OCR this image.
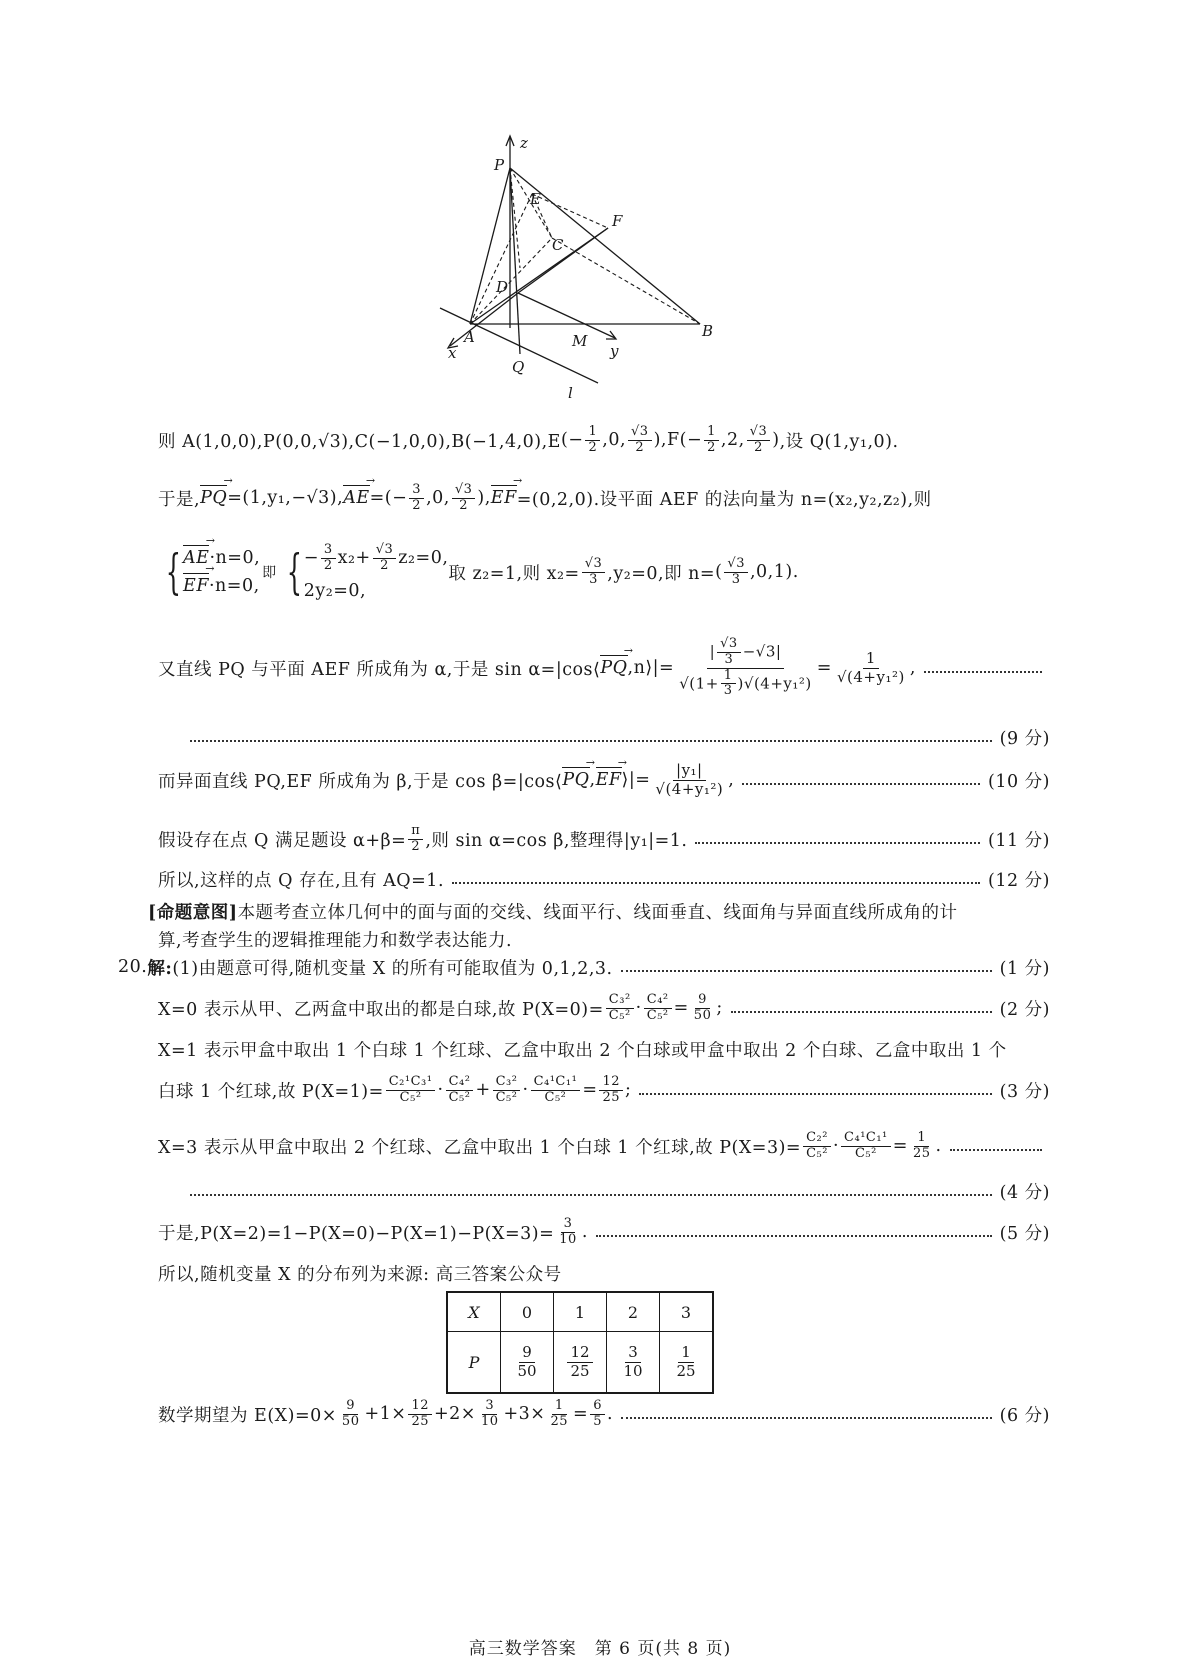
z
P
E
F
C
D
A
x
M
y
B
Q
l
则 A(1,0,0),P(0,0,√3),C(−1,0,0),B(−1,4,0),E (− $\frac{1}{2} ,0$, $\frac{√3}{2}$ ) ,F (− $\frac{1}{2} ,2$, $\frac{√3}{2}$ ) ,设 Q(1,y₁,0).
于是, PQ → =(1,y₁,−√3), AE → = (− $\frac{3}{2} ,0$, $\frac{√3}{2}$ ), EF → =(0,2,0).设平面 AEF 的法向量为 n=(x₂,y₂,z₂),则
{ AE →·n=0,
EF →·n=0,
即 { − $\frac{3}{2} x_2+ \frac{√3}{2} z_2=0$,
2y₂=0,
取 z₂=1,则 $x_2= \frac{√3}{3} ,y_2=0$,即 n= ( $\frac{√3}{3} ,0,1$).
又直线 PQ 与平面 AEF 所成角为 α,于是 sin α=|cos⟨ PQ → ,n⟩|= $\frac{| \frac{√3}{3} -√3|}{√(1+ \frac{1}{3} )√(4+y_1^2)} = \frac{1}{\text{√(4+y₁²)}}$ ,
(9 分)
而异面直线 PQ,EF 所成角为 β,于是 cos β=|cos⟨ PQ → , EF → ⟩|= $\frac{\text{|y₁|}}{\text{√(4+y₁²)}}$ ,	(10 分)
假设存在点 Q 满足题设 $\alpha+\beta= \frac{\pi}{2}$ ,则 sin α=cos β,整理得|y₁|=1.	(11 分)
所以,这样的点 Q 存在,且有 AQ=1.	(12 分)
[命题意图] 本题考查立体几何中的面与面的交线、线面平行、线面垂直、线面角与异面直线所成角的计
算,考查学生的逻辑推理能力和数学表达能力.
20. 解: (1)由题意可得,随机变量 X 的所有可能取值为 0,1,2,3.	(1 分)
X=0 表示从甲、乙两盒中取出的都是白球,故 $P(X=0)= \frac{\text{C₃²}}{\text{C₅²}} \cdot \frac{\text{C₄²}}{\text{C₅²}} = \frac{9}{50}$ ;	(2 分)
X=1 表示甲盒中取出 1 个白球 1 个红球、乙盒中取出 2 个白球或甲盒中取出 2 个白球、乙盒中取出 1 个
白球 1 个红球,故 $P(X=1)= \frac{\text{C₂¹C₃¹}}{\text{C₅²}} \cdot \frac{\text{C₄²}}{\text{C₅²}} + \frac{\text{C₃²}}{\text{C₅²}} \cdot \frac{\text{C₄¹C₁¹}}{\text{C₅²}} = \frac{12}{25}$ ;	(3 分)
X=3 表示从甲盒中取出 2 个红球、乙盒中取出 1 个白球 1 个红球,故 $P(X=3)= \frac{\text{C₂²}}{\text{C₅²}} \cdot \frac{\text{C₄¹C₁¹}}{\text{C₅²}} = \frac{1}{25}$ .
(4 分)
于是$,P(X=2)=1-P(X=0)-P(X=1)-P(X=3)= \frac{3}{10}$ .	(5 分)
所以,随机变量 X 的分布列为来源: 高三答案公众号
X	0	1	2	3
P	$\frac{9}{50}$	$\frac{12}{25}$	$\frac{3}{10}$	$\frac{1}{25}$
数学期望为 $E(X)=0\times \frac{9}{50} +1\times \frac{12}{25} +2\times \frac{3}{10} +3\times \frac{1}{25} = \frac{6}{5}$ .	(6 分)
高三数学答案　第 6 页(共 8 页)
